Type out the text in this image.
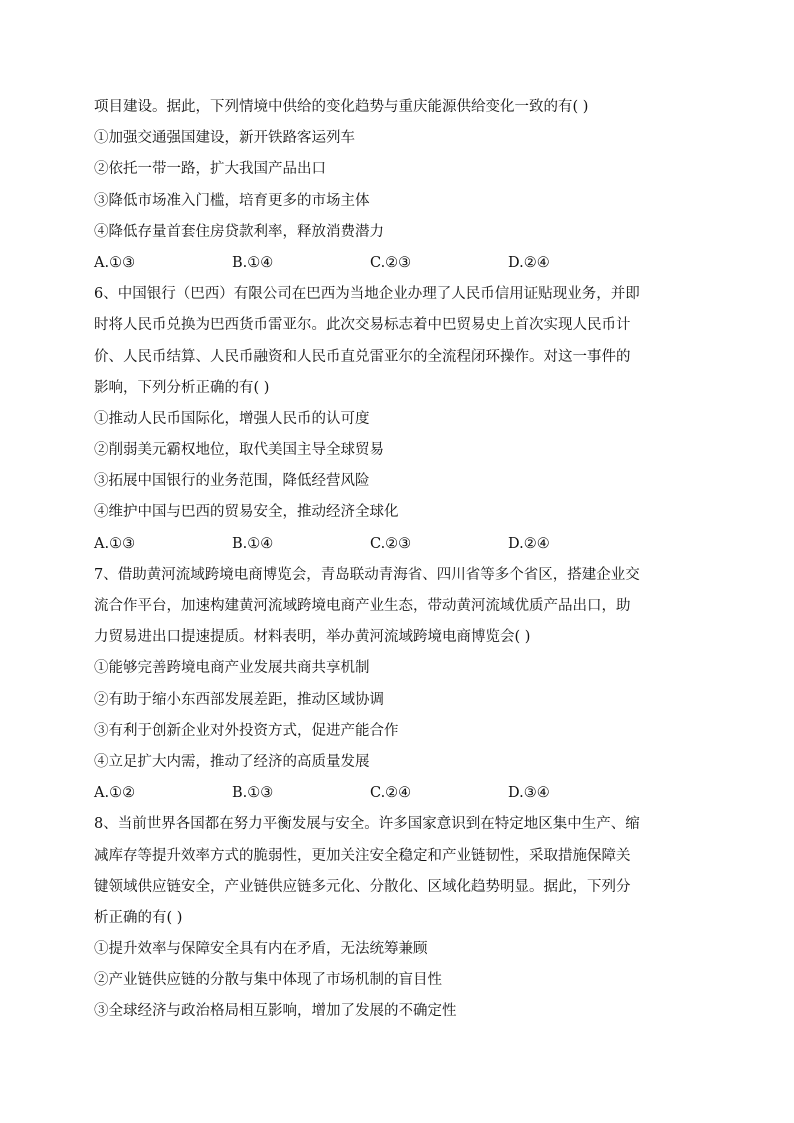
项目建设。据此，下列情境中供给的变化趋势与重庆能源供给变化一致的有( )
①加强交通强国建设，新开铁路客运列车
②依托一带一路，扩大我国产品出口
③降低市场准入门槛，培育更多的市场主体
④降低存量首套住房贷款利率，释放消费潜力
A.①③	B.①④	C.②③	D.②④
6、中国银行（巴西）有限公司在巴西为当地企业办理了人民币信用证贴现业务，并即
时将人民币兑换为巴西货币雷亚尔。此次交易标志着中巴贸易史上首次实现人民币计
价、人民币结算、人民币融资和人民币直兑雷亚尔的全流程闭环操作。对这一事件的
影响，下列分析正确的有( )
①推动人民币国际化，增强人民币的认可度
②削弱美元霸权地位，取代美国主导全球贸易
③拓展中国银行的业务范围，降低经营风险
④维护中国与巴西的贸易安全，推动经济全球化
A.①③	B.①④	C.②③	D.②④
7、借助黄河流域跨境电商博览会，青岛联动青海省、四川省等多个省区，搭建企业交
流合作平台，加速构建黄河流域跨境电商产业生态，带动黄河流域优质产品出口，助
力贸易进出口提速提质。材料表明，举办黄河流域跨境电商博览会( )
①能够完善跨境电商产业发展共商共享机制
②有助于缩小东西部发展差距，推动区域协调
③有利于创新企业对外投资方式，促进产能合作
④立足扩大内需，推动了经济的高质量发展
A.①②	B.①③	C.②④	D.③④
8、当前世界各国都在努力平衡发展与安全。许多国家意识到在特定地区集中生产、缩
减库存等提升效率方式的脆弱性，更加关注安全稳定和产业链韧性，采取措施保障关
键领域供应链安全，产业链供应链多元化、分散化、区域化趋势明显。据此，下列分
析正确的有( )
①提升效率与保障安全具有内在矛盾，无法统筹兼顾
②产业链供应链的分散与集中体现了市场机制的盲目性
③全球经济与政治格局相互影响，增加了发展的不确定性
